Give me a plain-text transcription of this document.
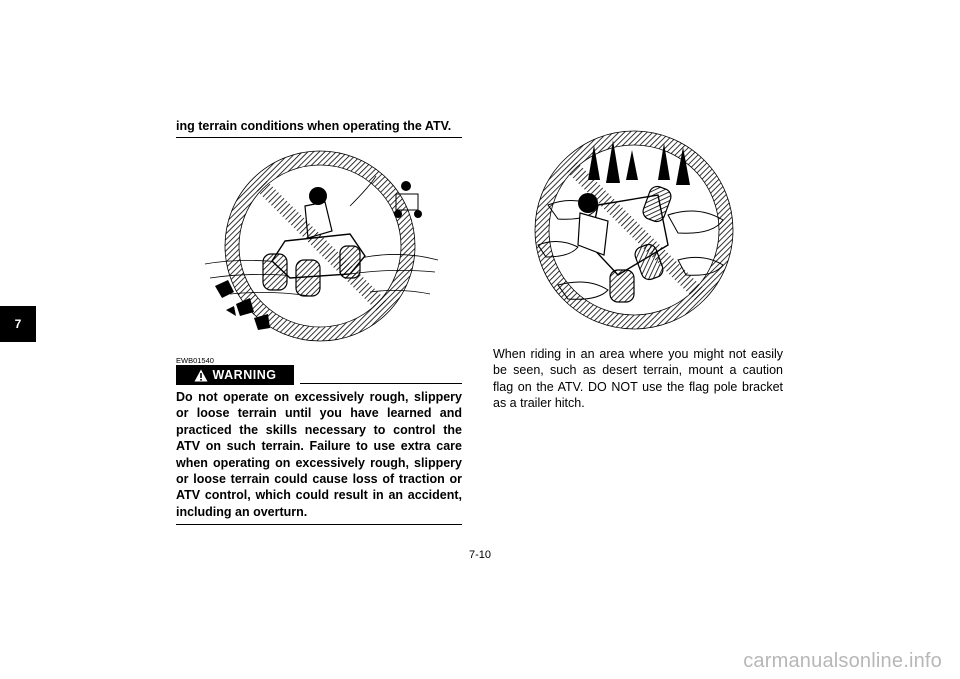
7
ing terrain conditions when operating the ATV.
EWB01540
WARNING
Do not operate on excessively rough, slippery or loose terrain until you have learned and practiced the skills necessary to control the ATV on such terrain. Failure to use extra care when operating on excessively rough, slippery or loose terrain could cause loss of traction or ATV control, which could result in an accident, including an overturn.
When riding in an area where you might not easily be seen, such as desert terrain, mount a caution flag on the ATV. DO NOT use the flag pole bracket as a trailer hitch.
7-10
carmanualsonline.info
